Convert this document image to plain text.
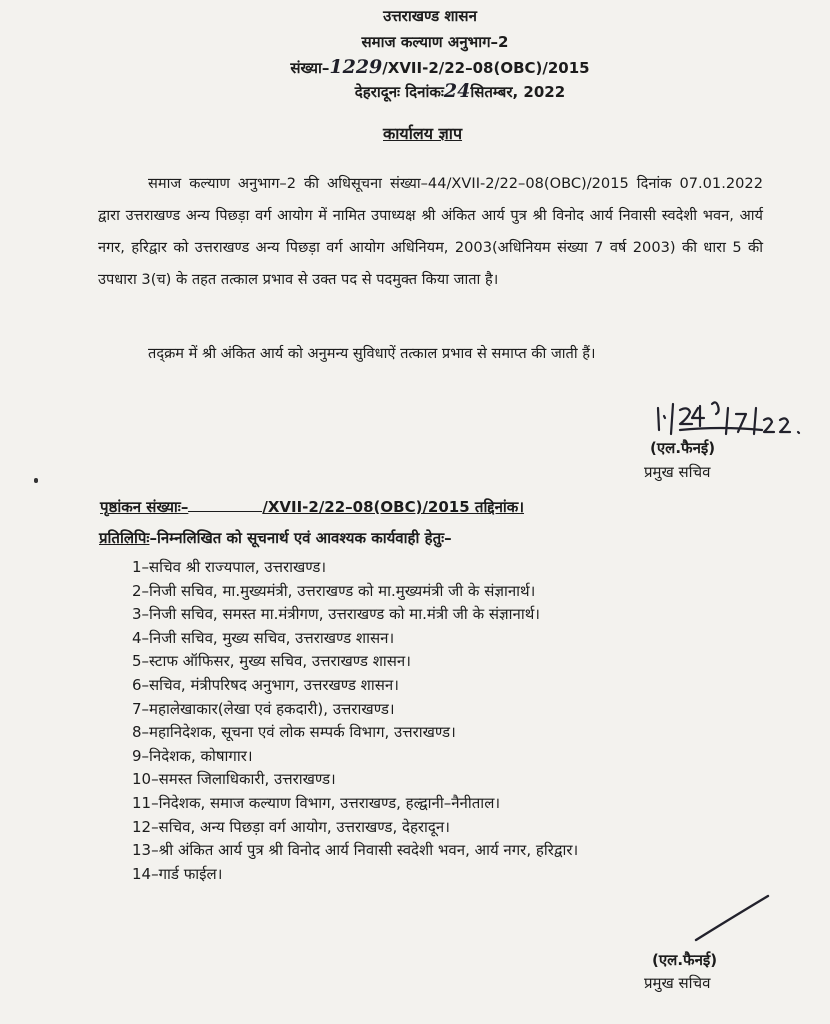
उत्तराखण्ड शासन
समाज कल्याण अनुभाग–2
संख्या–1229/XVII-2/22–08(OBC)/2015
देहरादूनः दिनांकः24सितम्बर, 2022
कार्यालय ज्ञाप
समाज कल्याण अनुभाग–2 की अधिसूचना संख्या–44/XVII-2/22–08(OBC)/2015 दिनांक 07.01.2022 द्वारा उत्तराखण्ड अन्य पिछड़ा वर्ग आयोग में नामित उपाध्यक्ष श्री अंकित आर्य पुत्र श्री विनोद आर्य निवासी स्वदेशी भवन, आर्य नगर, हरिद्वार को उत्तराखण्ड अन्य पिछड़ा वर्ग आयोग अधिनियम, 2003(अधिनियम संख्या 7 वर्ष 2003) की धारा 5 की उपधारा 3(च) के तहत तत्काल प्रभाव से उक्त पद से पदमुक्त किया जाता है।
तद्क्रम में श्री अंकित आर्य को अनुमन्य सुविधाऐं तत्काल प्रभाव से समाप्त की जाती हैं।
(एल.फैनई)
प्रमुख सचिव
पृष्ठांकन संख्याः–	/XVII-2/22–08(OBC)/2015 तद्दिनांक।
प्रतिलिपिः–निम्नलिखित को सूचनार्थ एवं आवश्यक कार्यवाही हेतुः–
1–सचिव श्री राज्यपाल, उत्तराखण्ड।
2–निजी सचिव, मा.मुख्यमंत्री, उत्तराखण्ड को मा.मुख्यमंत्री जी के संज्ञानार्थ।
3–निजी सचिव, समस्त मा.मंत्रीगण, उत्तराखण्ड को मा.मंत्री जी के संज्ञानार्थ।
4–निजी सचिव, मुख्य सचिव, उत्तराखण्ड शासन।
5–स्टाफ ऑफिसर, मुख्य सचिव, उत्तराखण्ड शासन।
6–सचिव, मंत्रीपरिषद अनुभाग, उत्तरखण्ड शासन।
7–महालेखाकार(लेखा एवं हकदारी), उत्तराखण्ड।
8–महानिदेशक, सूचना एवं लोक सम्पर्क विभाग, उत्तराखण्ड।
9–निदेशक, कोषागार।
10–समस्त जिलाधिकारी, उत्तराखण्ड।
11–निदेशक, समाज कल्याण विभाग, उत्तराखण्ड, हल्द्वानी–नैनीताल।
12–सचिव, अन्य पिछड़ा वर्ग आयोग, उत्तराखण्ड, देहरादून।
13–श्री अंकित आर्य पुत्र श्री विनोद आर्य निवासी स्वदेशी भवन, आर्य नगर, हरिद्वार।
14–गार्ड फाईल।
(एल.फैनई)
प्रमुख सचिव
